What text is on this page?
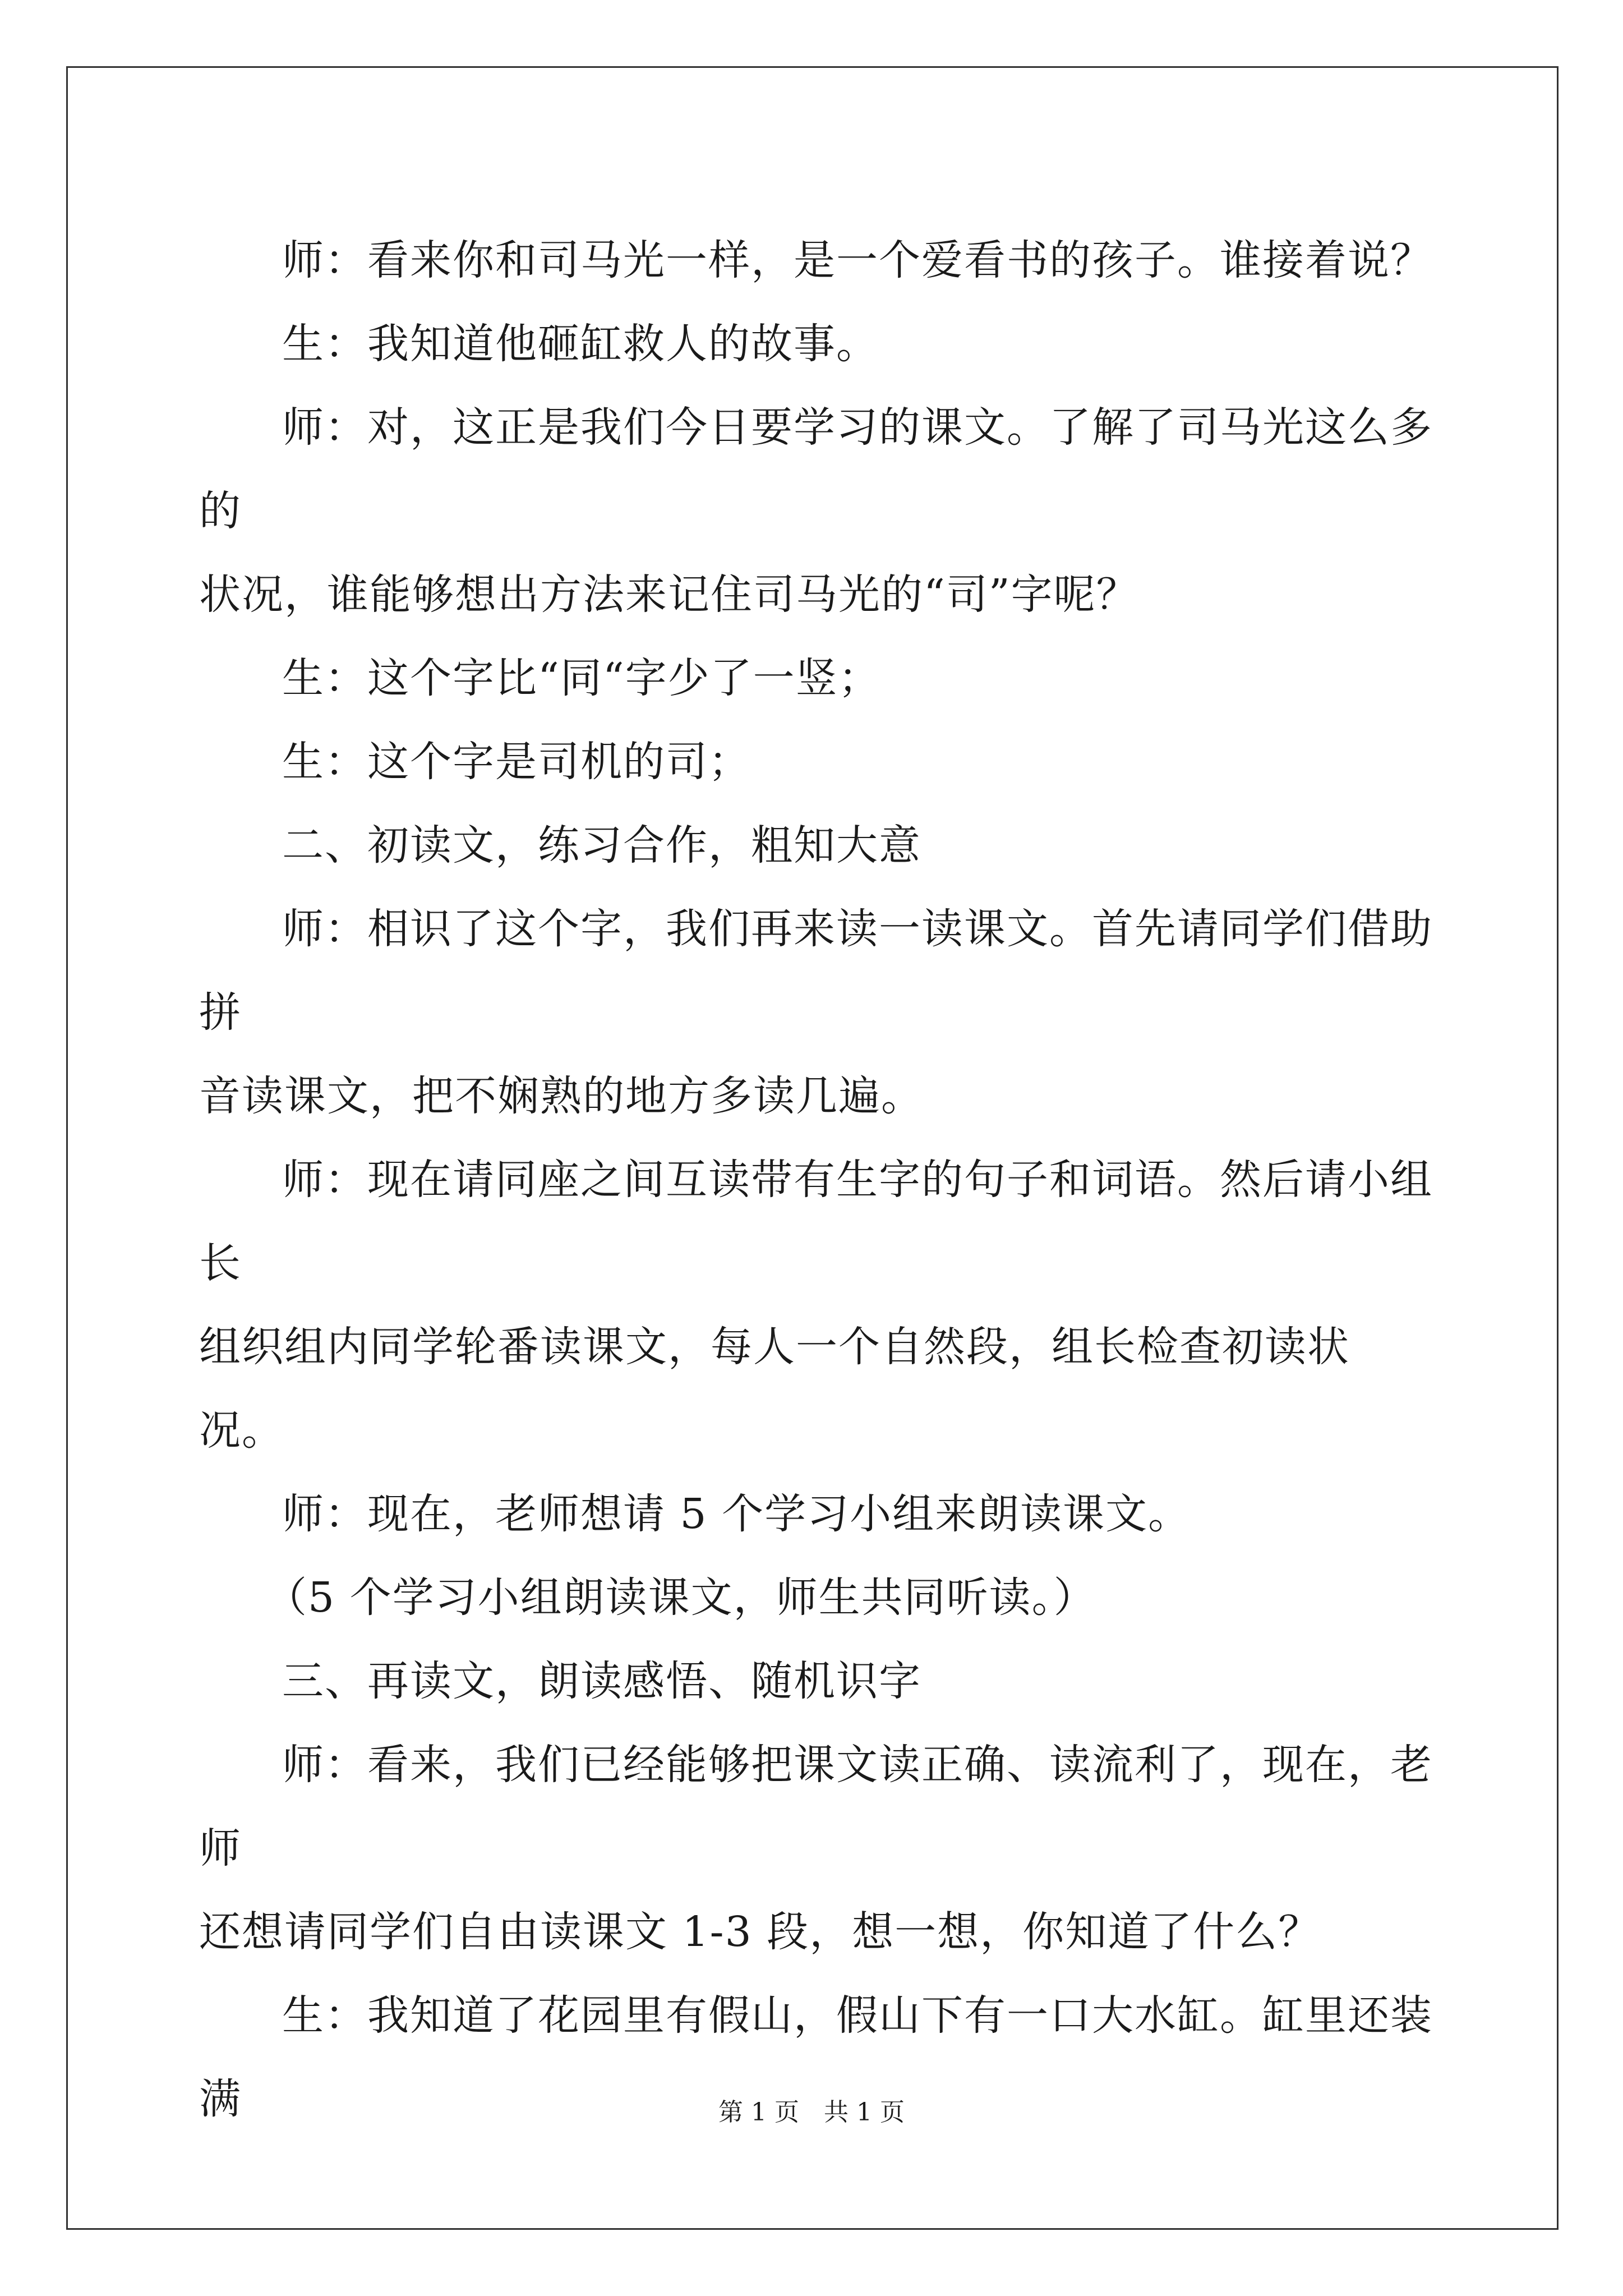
师：看来你和司马光一样，是一个爱看书的孩子。谁接着说？

生：我知道他砸缸救人的故事。

师：对，这正是我们今日要学习的课文。了解了司马光这么多的

状况，谁能够想出方法来记住司马光的“司”字呢？

生：这个字比“同“字少了一竖；

生：这个字是司机的司；

二、初读文，练习合作，粗知大意

师：相识了这个字，我们再来读一读课文。首先请同学们借助拼

音读课文，把不娴熟的地方多读几遍。

师：现在请同座之间互读带有生字的句子和词语。然后请小组长

组织组内同学轮番读课文，每人一个自然段，组长检查初读状况。

师：现在，老师想请 5 个学习小组来朗读课文。

（5 个学习小组朗读课文，师生共同听读。）

三、再读文，朗读感悟、随机识字

师：看来，我们已经能够把课文读正确、读流利了，现在，老师

还想请同学们自由读课文 1-3 段，想一想，你知道了什么？

生：我知道了花园里有假山，假山下有一口大水缸。缸里还装满	第 1 页　共 1 页
